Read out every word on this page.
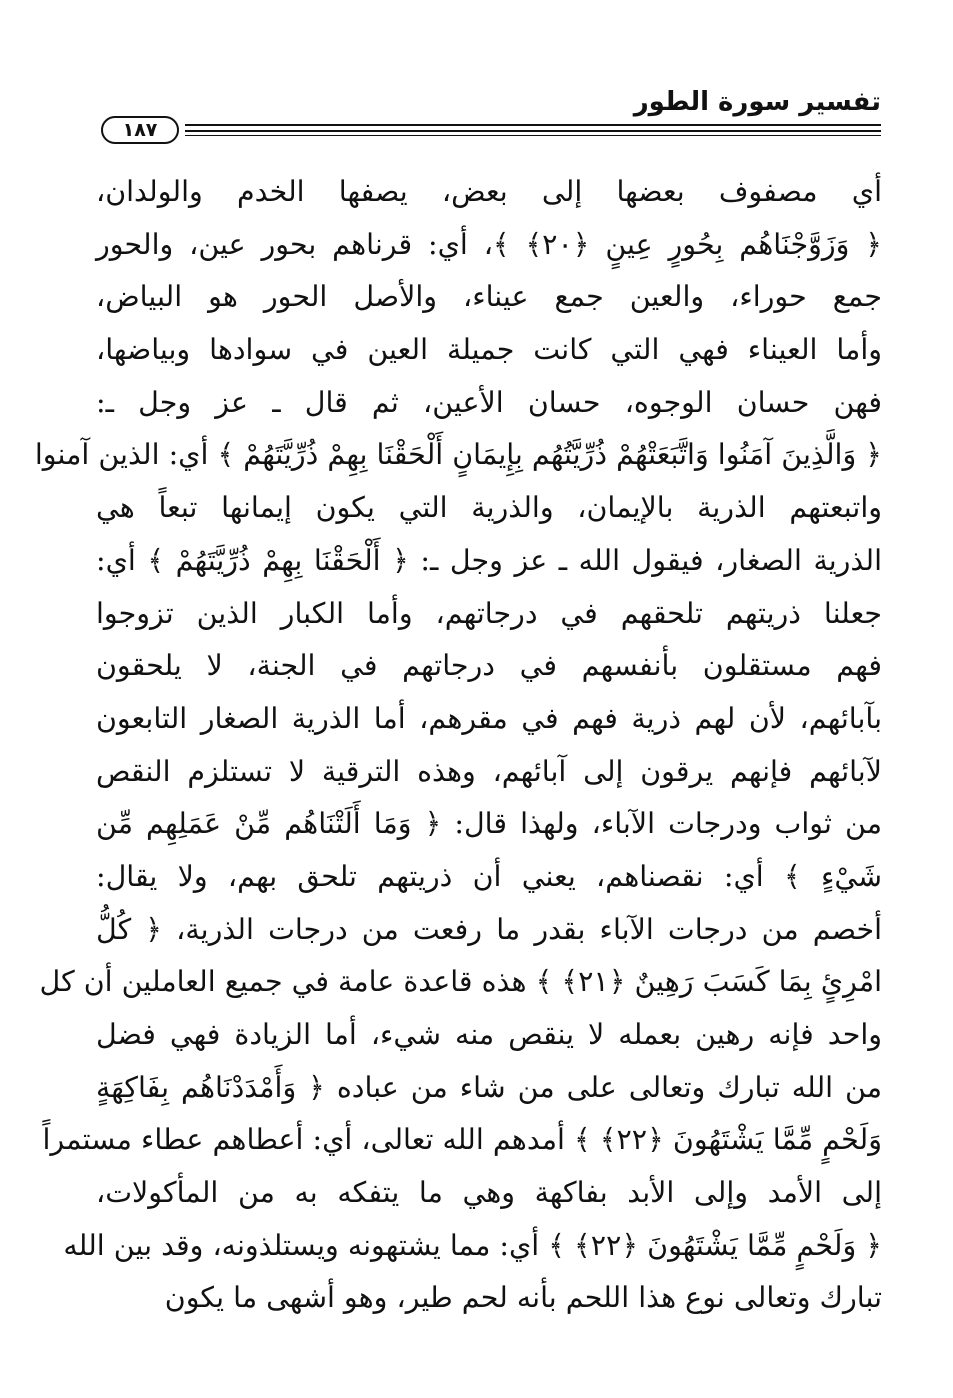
تفسير سورة الطور
١٨٧
أي مصفوف بعضها إلى بعض، يصفها الخدم والولدان،
﴿ وَزَوَّجْنَاهُم بِحُورٍ عِينٍ ﴿٢٠﴾ ﴾، أي: قرناهم بحور عين، والحور
جمع حوراء، والعين جمع عيناء، والأصل الحور هو البياض،
وأما العيناء فهي التي كانت جميلة العين في سوادها وبياضها،
فهن حسان الوجوه، حسان الأعين، ثم قال ـ عز وجل ـ:
﴿ وَالَّذِينَ آمَنُوا وَاتَّبَعَتْهُمْ ذُرِّيَّتُهُم بِإِيمَانٍ أَلْحَقْنَا بِهِمْ ذُرِّيَّتَهُمْ ﴾ أي: الذين آمنوا
واتبعتهم الذرية بالإيمان، والذرية التي يكون إيمانها تبعاً هي
الذرية الصغار، فيقول الله ـ عز وجل ـ: ﴿ أَلْحَقْنَا بِهِمْ ذُرِّيَّتَهُمْ ﴾ أي:
جعلنا ذريتهم تلحقهم في درجاتهم، وأما الكبار الذين تزوجوا
فهم مستقلون بأنفسهم في درجاتهم في الجنة، لا يلحقون
بآبائهم، لأن لهم ذرية فهم في مقرهم، أما الذرية الصغار التابعون
لآبائهم فإنهم يرقون إلى آبائهم، وهذه الترقية لا تستلزم النقص
من ثواب ودرجات الآباء، ولهذا قال: ﴿ وَمَا أَلَتْنَاهُم مِّنْ عَمَلِهِم مِّن
شَيْءٍ ﴾ أي: نقصناهم، يعني أن ذريتهم تلحق بهم، ولا يقال:
أخصم من درجات الآباء بقدر ما رفعت من درجات الذرية، ﴿ كُلُّ
امْرِئٍ بِمَا كَسَبَ رَهِينٌ ﴿٢١﴾ ﴾ هذه قاعدة عامة في جميع العاملين أن كل
واحد فإنه رهين بعمله لا ينقص منه شيء، أما الزيادة فهي فضل
من الله تبارك وتعالى على من شاء من عباده ﴿ وَأَمْدَدْنَاهُم بِفَاكِهَةٍ
وَلَحْمٍ مِّمَّا يَشْتَهُونَ ﴿٢٢﴾ ﴾ أمدهم الله تعالى، أي: أعطاهم عطاء مستمراً
إلى الأمد وإلى الأبد بفاكهة وهي ما يتفكه به من المأكولات،
﴿ وَلَحْمٍ مِّمَّا يَشْتَهُونَ ﴿٢٢﴾ ﴾ أي: مما يشتهونه ويستلذونه، وقد بين الله
تبارك وتعالى نوع هذا اللحم بأنه لحم طير، وهو أشهى ما يكون
